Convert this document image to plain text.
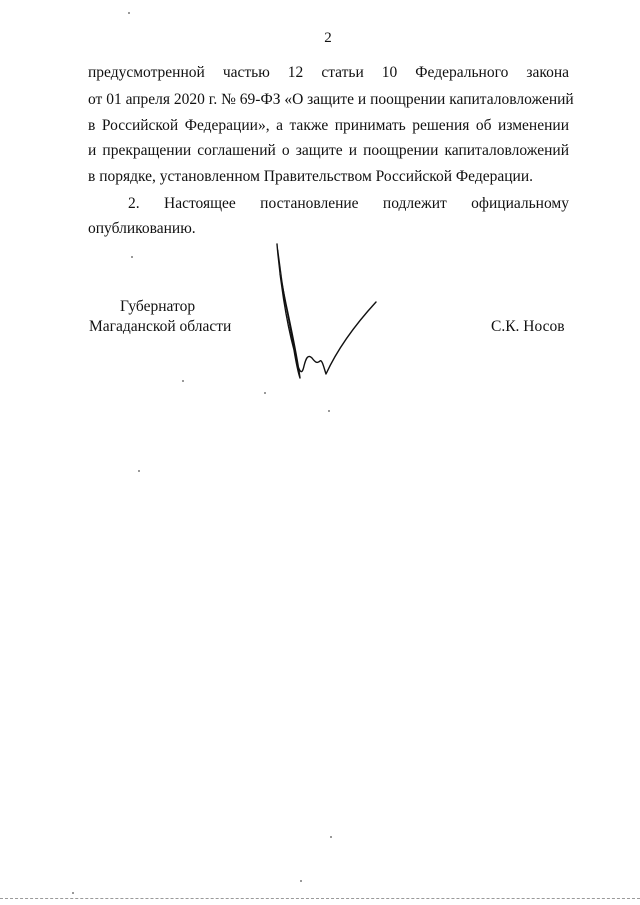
2
предусмотренной частью 12 статьи 10 Федерального закона
от 01 апреля 2020 г. № 69-ФЗ «О защите и поощрении капиталовложений
в Российской Федерации», а также принимать решения об изменении
и прекращении соглашений о защите и поощрении капиталовложений
в порядке, установленном Правительством Российской Федерации.
2. Настоящее постановление подлежит официальному
опубликованию.
Губернатор
Магаданской области	С.К. Носов
